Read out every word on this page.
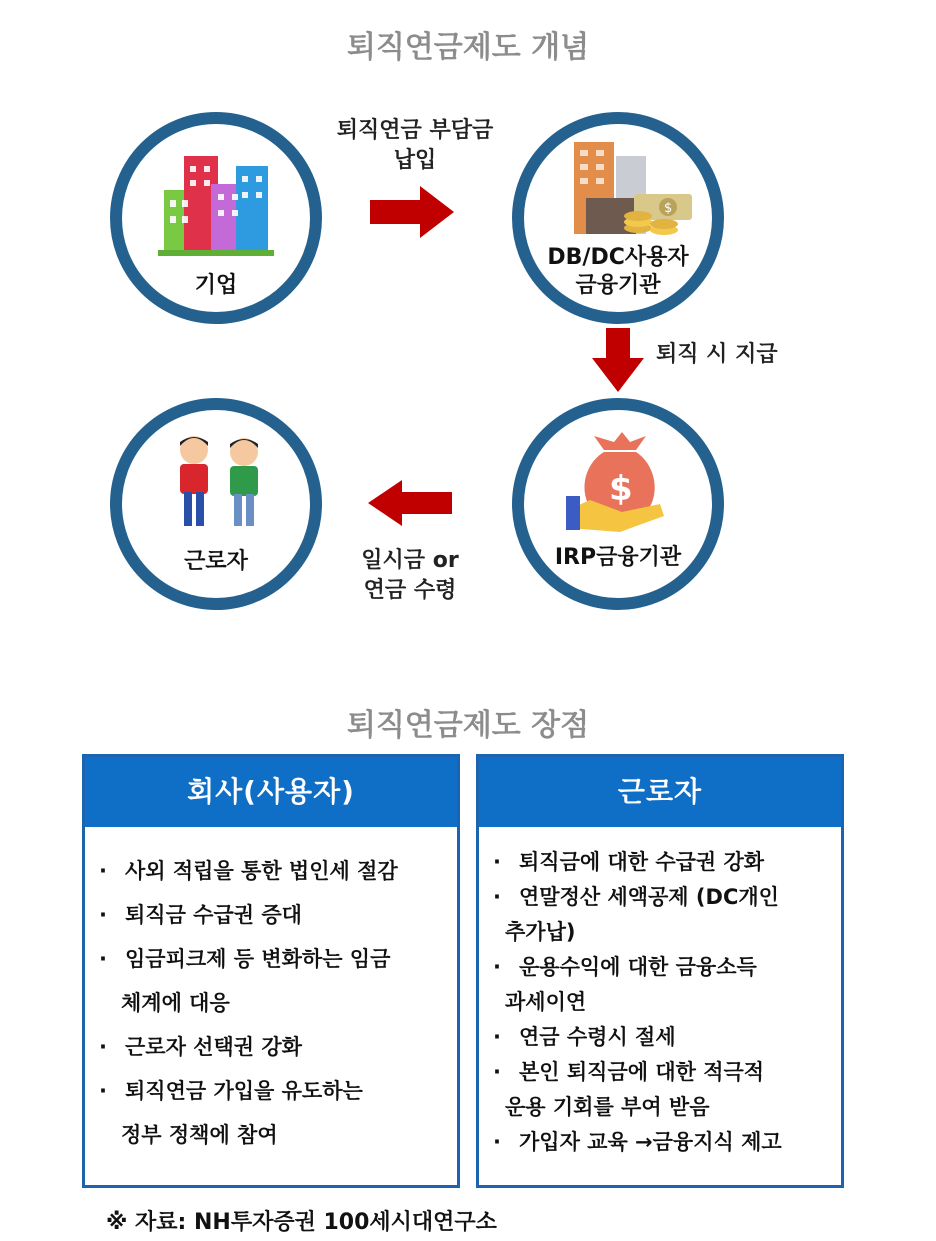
퇴직연금제도 개념
기업
$
DB/DC사용자
금융기관
$
IRP금융기관
근로자
퇴직연금 부담금
납입
퇴직 시 지급
일시금 or
연금 수령
퇴직연금제도 장점
회사(사용자)
· 사외 적립을 통한 법인세 절감
· 퇴직금 수급권 증대
· 임금피크제 등 변화하는 임금
체계에 대응
· 근로자 선택권 강화
· 퇴직연금 가입을 유도하는
정부 정책에 참여
근로자
· 퇴직금에 대한 수급권 강화
· 연말정산 세액공제 (DC개인
추가납)
· 운용수익에 대한 금융소득
과세이연
· 연금 수령시 절세
· 본인 퇴직금에 대한 적극적
운용 기회를 부여 받음
· 가입자 교육 →금융지식 제고
※ 자료: NH투자증권 100세시대연구소
